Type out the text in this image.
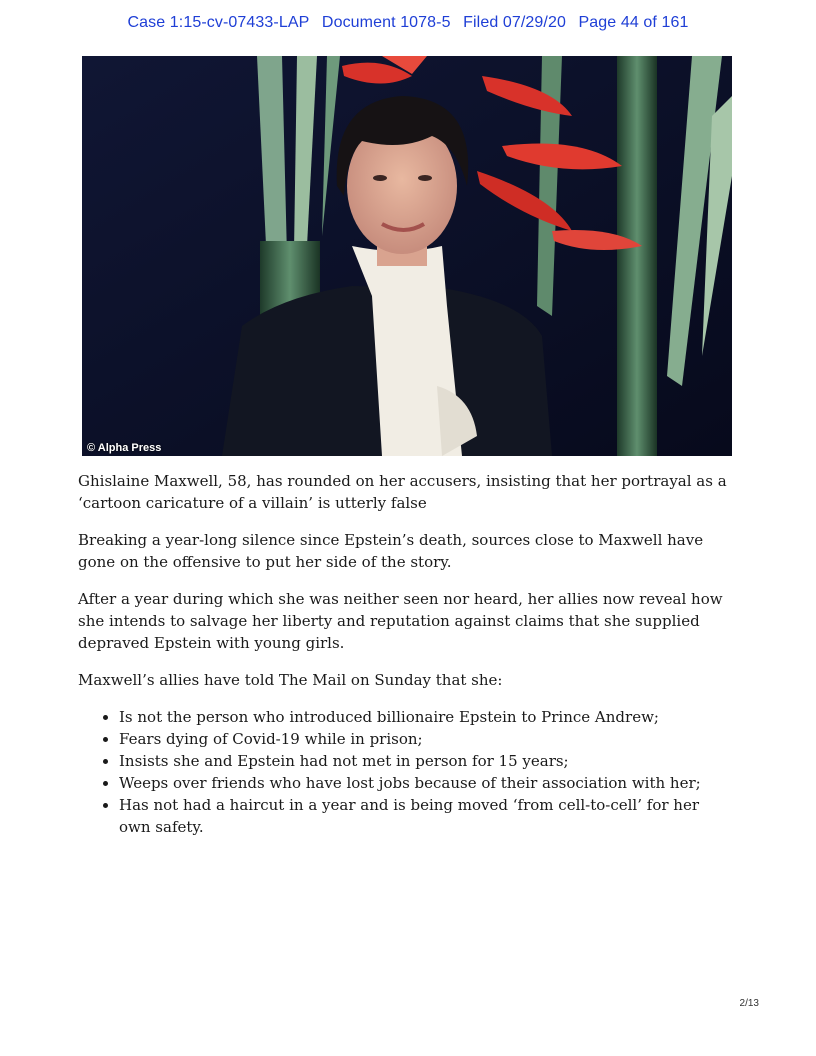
Case 1:15-cv-07433-LAP Document 1078-5 Filed 07/29/20 Page 44 of 161
© Alpha Press

Ghislaine Maxwell, 58, has rounded on her accusers, insisting that her portrayal as a ‘cartoon caricature of a villain’ is utterly false

Breaking a year-long silence since Epstein’s death, sources close to Maxwell have gone on the offensive to put her side of the story.

After a year during which she was neither seen nor heard, her allies now reveal how she intends to salvage her liberty and reputation against claims that she supplied depraved Epstein with young girls.

Maxwell’s allies have told The Mail on Sunday that she:

• Is not the person who introduced billionaire Epstein to Prince Andrew;
• Fears dying of Covid-19 while in prison;
• Insists she and Epstein had not met in person for 15 years;
• Weeps over friends who have lost jobs because of their association with her;
• Has not had a haircut in a year and is being moved ‘from cell-to-cell’ for her own safety.
2/13
